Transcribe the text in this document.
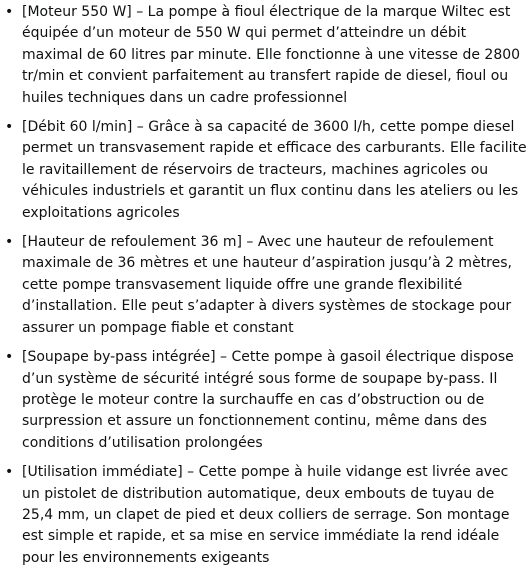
• [Moteur 550 W] – La pompe à fioul électrique de la marque Wiltec est équipée d’un moteur de 550 W qui permet d’atteindre un débit maximal de 60 litres par minute. Elle fonctionne à une vitesse de 2800 tr/min et convient parfaitement au transfert rapide de diesel, fioul ou huiles techniques dans un cadre professionnel
• [Débit 60 l/min] – Grâce à sa capacité de 3600 l/h, cette pompe diesel permet un transvasement rapide et efficace des carburants. Elle facilite le ravitaillement de réservoirs de tracteurs, machines agricoles ou véhicules industriels et garantit un flux continu dans les ateliers ou les exploitations agricoles
• [Hauteur de refoulement 36 m] – Avec une hauteur de refoulement maximale de 36 mètres et une hauteur d’aspiration jusqu’à 2 mètres, cette pompe transvasement liquide offre une grande flexibilité d’installation. Elle peut s’adapter à divers systèmes de stockage pour assurer un pompage fiable et constant
• [Soupape by-pass intégrée] – Cette pompe à gasoil électrique dispose d’un système de sécurité intégré sous forme de soupape by-pass. Il protège le moteur contre la surchauffe en cas d’obstruction ou de surpression et assure un fonctionnement continu, même dans des conditions d’utilisation prolongées
• [Utilisation immédiate] – Cette pompe à huile vidange est livrée avec un pistolet de distribution automatique, deux embouts de tuyau de 25,4 mm, un clapet de pied et deux colliers de serrage. Son montage est simple et rapide, et sa mise en service immédiate la rend idéale pour les environnements exigeants
